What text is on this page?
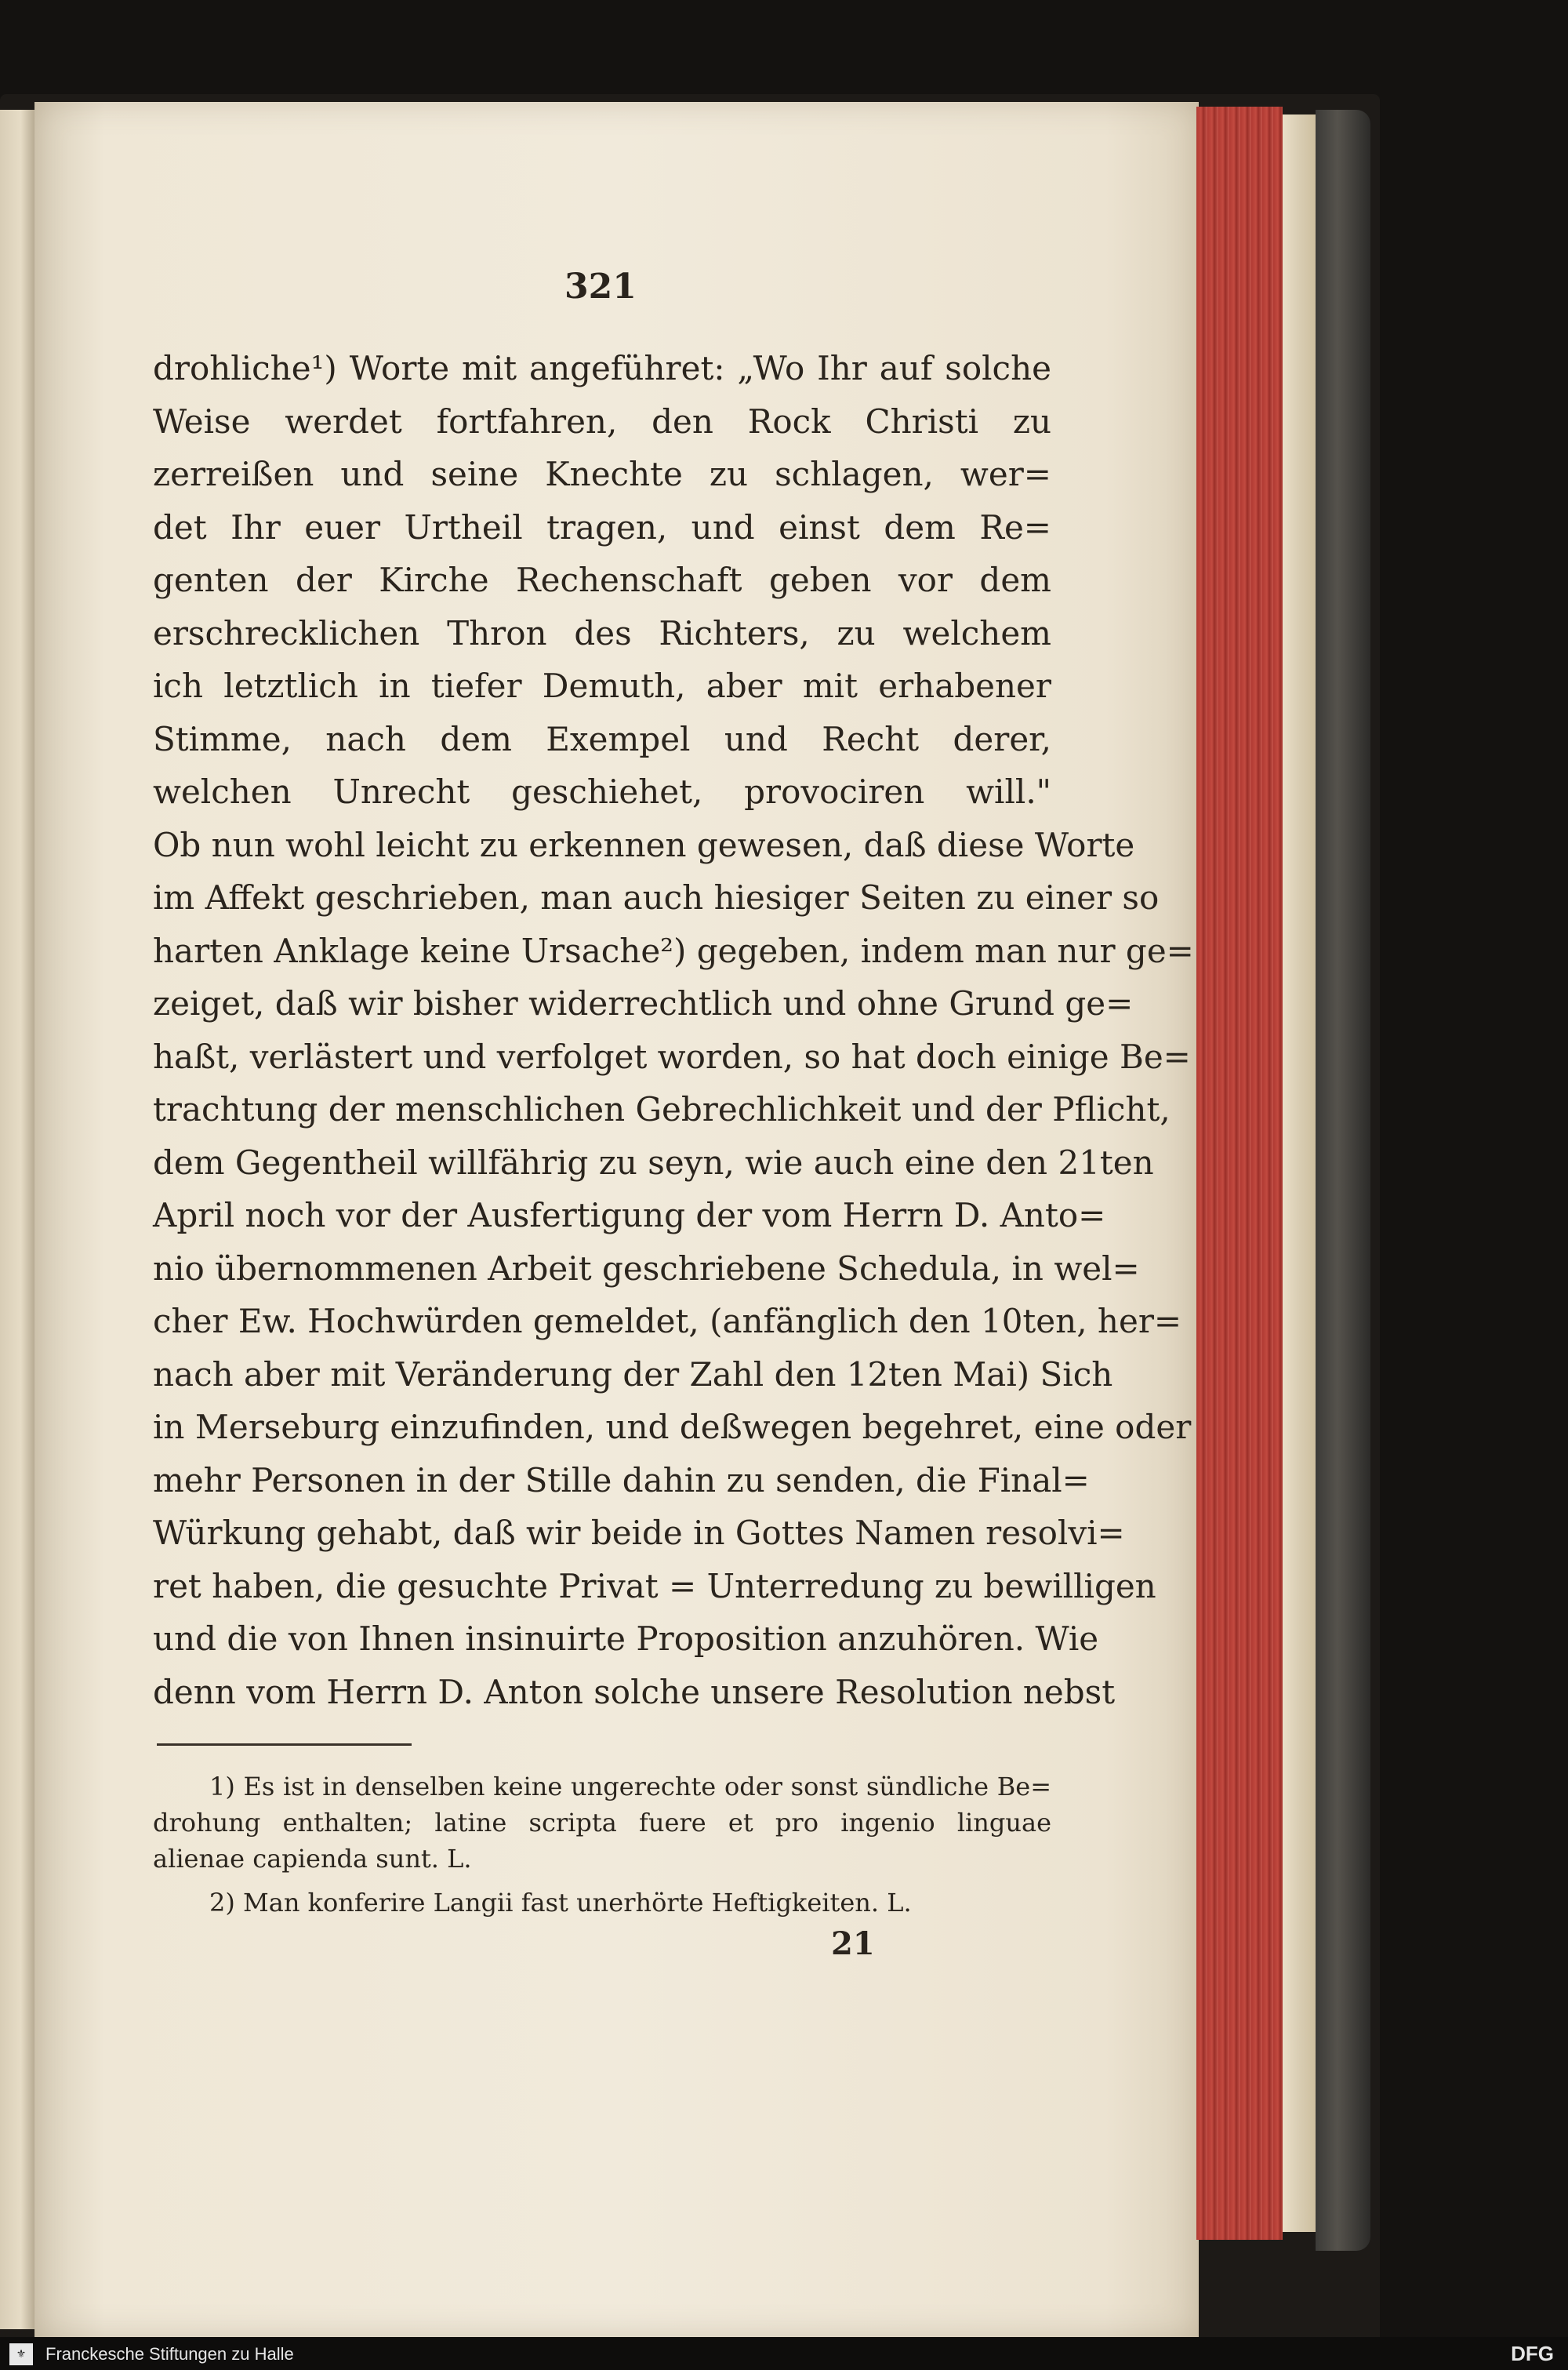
321
drohliche¹) Worte mit angeführet: „Wo Ihr auf solche
Weise werdet fortfahren, den Rock Christi zu
zerreißen und seine Knechte zu schlagen, wer=
det Ihr euer Urtheil tragen, und einst dem Re=
genten der Kirche Rechenschaft geben vor dem
erschrecklichen Thron des Richters, zu welchem
ich letztlich in tiefer Demuth, aber mit erhabener
Stimme, nach dem Exempel und Recht derer,
welchen Unrecht geschiehet, provociren will."
Ob nun wohl leicht zu erkennen gewesen, daß diese Worte
im Affekt geschrieben, man auch hiesiger Seiten zu einer so
harten Anklage keine Ursache²) gegeben, indem man nur ge=
zeiget, daß wir bisher widerrechtlich und ohne Grund ge=
haßt, verlästert und verfolget worden, so hat doch einige Be=
trachtung der menschlichen Gebrechlichkeit und der Pflicht,
dem Gegentheil willfährig zu seyn, wie auch eine den 21ten
April noch vor der Ausfertigung der vom Herrn D. Anto=
nio übernommenen Arbeit geschriebene Schedula, in wel=
cher Ew. Hochwürden gemeldet, (anfänglich den 10ten, her=
nach aber mit Veränderung der Zahl den 12ten Mai) Sich
in Merseburg einzufinden, und deßwegen begehret, eine oder
mehr Personen in der Stille dahin zu senden, die Final=
Würkung gehabt, daß wir beide in Gottes Namen resolvi=
ret haben, die gesuchte Privat = Unterredung zu bewilligen
und die von Ihnen insinuirte Proposition anzuhören. Wie
denn vom Herrn D. Anton solche unsere Resolution nebst
1) Es ist in denselben keine ungerechte oder sonst sündliche Be=
drohung enthalten; latine scripta fuere et pro ingenio linguae
alienae capienda sunt. L.
2) Man konferire Langii fast unerhörte Heftigkeiten. L.
21
⚜	Franckesche Stiftungen zu Halle	DFG
